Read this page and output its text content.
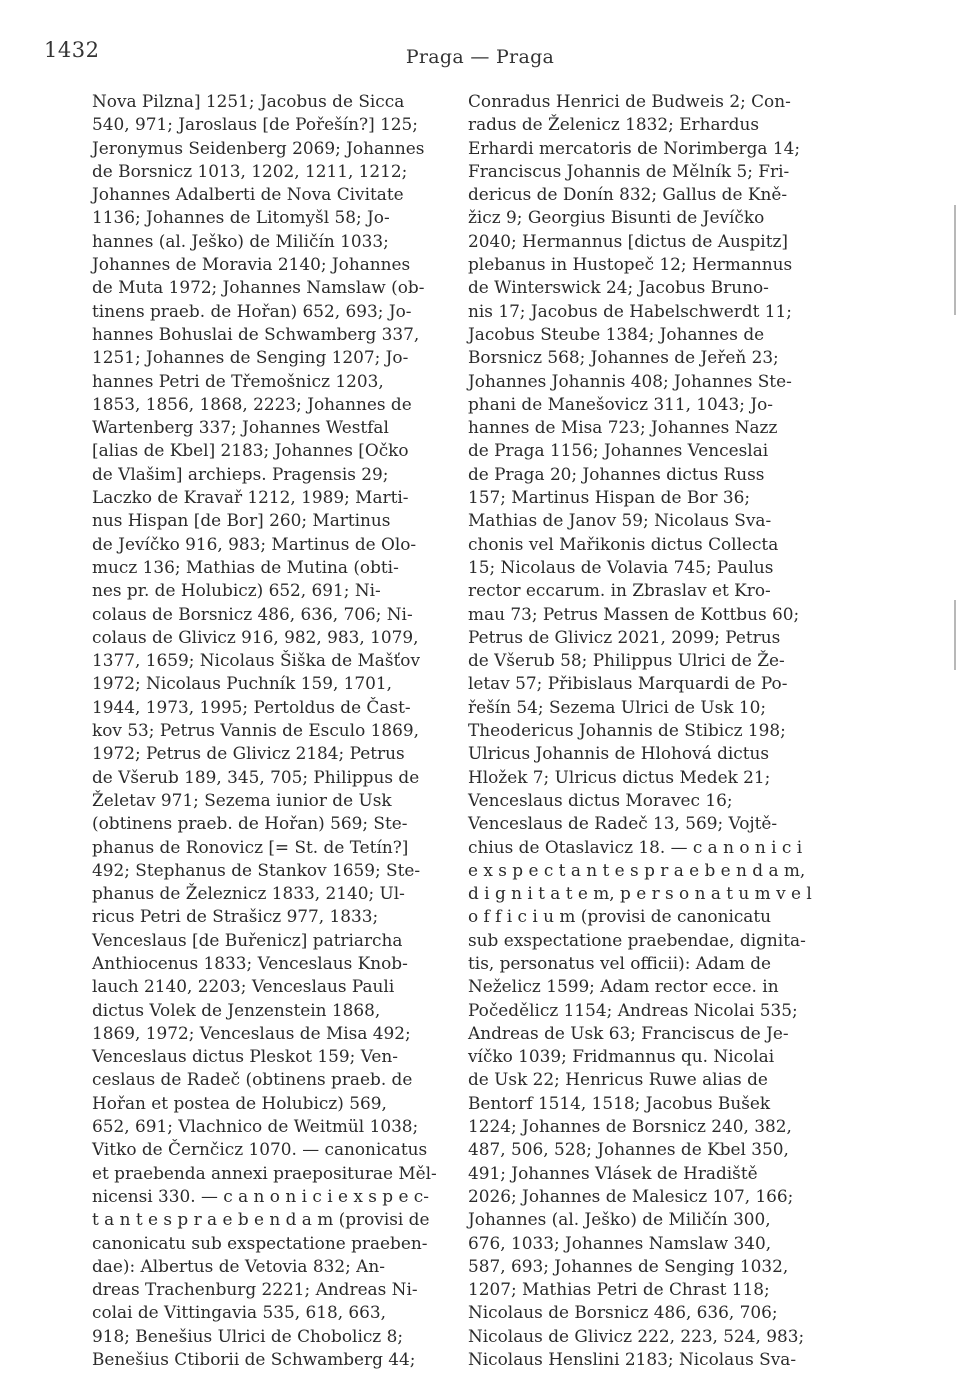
1432	Praga — Praga
Nova Pilzna] 1251; Jacobus de Sicca
540, 971; Jaroslaus [de Pořešín?] 125;
Jeronymus Seidenberg 2069; Johannes
de Borsnicz 1013, 1202, 1211, 1212;
Johannes Adalberti de Nova Civitate
1136; Johannes de Litomyšl 58; Jo-
hannes (al. Ješko) de Miličín 1033;
Johannes de Moravia 2140; Johannes
de Muta 1972; Johannes Namslaw (ob-
tinens praeb. de Hořan) 652, 693; Jo-
hannes Bohuslai de Schwamberg 337,
1251; Johannes de Senging 1207; Jo-
hannes Petri de Třemošnicz 1203,
1853, 1856, 1868, 2223; Johannes de
Wartenberg 337; Johannes Westfal
[alias de Kbel] 2183; Johannes [Očko
de Vlašim] archieps. Pragensis 29;
Laczko de Kravař 1212, 1989; Marti-
nus Hispan [de Bor] 260; Martinus
de Jevíčko 916, 983; Martinus de Olo-
mucz 136; Mathias de Mutina (obti-
nes pr. de Holubicz) 652, 691; Ni-
colaus de Borsnicz 486, 636, 706; Ni-
colaus de Glivicz 916, 982, 983, 1079,
1377, 1659; Nicolaus Šiška de Mašťov
1972; Nicolaus Puchník 159, 1701,
1944, 1973, 1995; Pertoldus de Čast-
kov 53; Petrus Vannis de Esculo 1869,
1972; Petrus de Glivicz 2184; Petrus
de Všerub 189, 345, 705; Philippus de
Želetav 971; Sezema iunior de Usk
(obtinens praeb. de Hořan) 569; Ste-
phanus de Ronovicz [= St. de Tetín?]
492; Stephanus de Stankov 1659; Ste-
phanus de Železnicz 1833, 2140; Ul-
ricus Petri de Strašicz 977, 1833;
Venceslaus [de Buřenicz] patriarcha
Anthiocenus 1833; Venceslaus Knob-
lauch 2140, 2203; Venceslaus Pauli
dictus Volek de Jenzenstein 1868,
1869, 1972; Venceslaus de Misa 492;
Venceslaus dictus Pleskot 159; Ven-
ceslaus de Radeč (obtinens praeb. de
Hořan et postea de Holubicz) 569,
652, 691; Vlachnico de Weitmül 1038;
Vitko de Černčicz 1070. — canonicatus
et praebenda annexi praepositurae Měl-
nicensi 330. — c a n o n i c i e x s p e c-
t a n t e s p r a e b e n d a m (provisi de
canonicatu sub exspectatione praeben-
dae): Albertus de Vetovia 832; An-
dreas Trachenburg 2221; Andreas Ni-
colai de Vittingavia 535, 618, 663,
918; Benešius Ulrici de Chobolicz 8;
Benešius Ctiborii de Schwamberg 44;
Conradus Henrici de Budweis 2; Con-
radus de Želenicz 1832; Erhardus
Erhardi mercatoris de Norimberga 14;
Franciscus Johannis de Mělník 5; Fri-
dericus de Donín 832; Gallus de Kně-
žicz 9; Georgius Bisunti de Jevíčko
2040; Hermannus [dictus de Auspitz]
plebanus in Hustopeč 12; Hermannus
de Winterswick 24; Jacobus Bruno-
nis 17; Jacobus de Habelschwerdt 11;
Jacobus Steube 1384; Johannes de
Borsnicz 568; Johannes de Jeřeň 23;
Johannes Johannis 408; Johannes Ste-
phani de Manešovicz 311, 1043; Jo-
hannes de Misa 723; Johannes Nazz
de Praga 1156; Johannes Venceslai
de Praga 20; Johannes dictus Russ
157; Martinus Hispan de Bor 36;
Mathias de Janov 59; Nicolaus Sva-
chonis vel Mařikonis dictus Collecta
15; Nicolaus de Volavia 745; Paulus
rector eccarum. in Zbraslav et Kro-
mau 73; Petrus Massen de Kottbus 60;
Petrus de Glivicz 2021, 2099; Petrus
de Všerub 58; Philippus Ulrici de Že-
letav 57; Přibislaus Marquardi de Po-
řešín 54; Sezema Ulrici de Usk 10;
Theodericus Johannis de Stibicz 198;
Ulricus Johannis de Hlohová dictus
Hložek 7; Ulricus dictus Medek 21;
Venceslaus dictus Moravec 16;
Venceslaus de Radeč 13, 569; Vojtě-
chius de Otaslavicz 18. — c a n o n i c i
e x s p e c t a n t e s p r a e b e n d a m,
d i g n i t a t e m, p e r s o n a t u m v e l
o f f i c i u m (provisi de canonicatu
sub exspectatione praebendae, dignita-
tis, personatus vel officii): Adam de
Neželicz 1599; Adam rector ecce. in
Počedělicz 1154; Andreas Nicolai 535;
Andreas de Usk 63; Franciscus de Je-
víčko 1039; Fridmannus qu. Nicolai
de Usk 22; Henricus Ruwe alias de
Bentorf 1514, 1518; Jacobus Bušek
1224; Johannes de Borsnicz 240, 382,
487, 506, 528; Johannes de Kbel 350,
491; Johannes Vlásek de Hradiště
2026; Johannes de Malesicz 107, 166;
Johannes (al. Ješko) de Miličín 300,
676, 1033; Johannes Namslaw 340,
587, 693; Johannes de Senging 1032,
1207; Mathias Petri de Chrast 118;
Nicolaus de Borsnicz 486, 636, 706;
Nicolaus de Glivicz 222, 223, 524, 983;
Nicolaus Henslini 2183; Nicolaus Sva-
